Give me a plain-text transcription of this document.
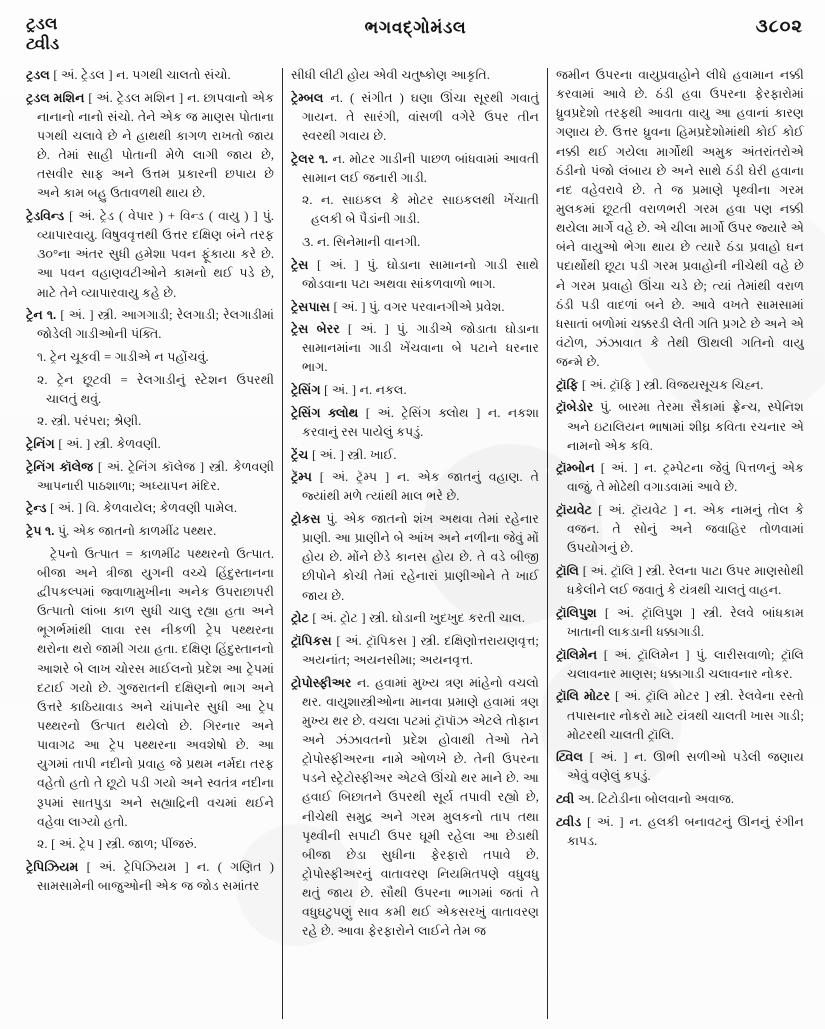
ટ્રડલ
ટ્વીડ
ભગવદ્ગોમંડલ	૩૮૦૨

ટ્રડલ [ અં. ટ્રેડલ ] ન. પગથી ચાલતો સંચો.

ટ્રડલ મશિન [ અં. ટ્રેડલ મશિન ] ન. છાપવાનો એક નાનાનો નાનો સંચો. તેને એક જ માણસ પોતાના પગથી ચલાવે છે ને હાથથી કાગળ રાખતો જાય છે. તેમાં સાહી પોતાની મેળે લાગી જાય છે, તસવીર સાફ અને ઉત્તમ પ્રકારની છપાય છે અને કામ બહુ ઉતાવળથી થાય છે.

ટ્રેડવિન્ડ [ અં. ટ્રેડ ( વેપાર ) + વિન્ડ ( વાયુ ) ] પું. વ્યાપારવાયુ. વિષુવવૃત્તથી ઉત્તર દક્ષિણ બંને તરફ ૩૦°ના અંતર સુધી હમેશા પવન ફૂંકાયા કરે છે. આ પવન વહાણવટીઓને કામનો થઈ પડે છે, માટે તેને વ્યાપારવાયુ કહે છે.

ટ્રેન ૧. [ અં. ] સ્ત્રી. આગગાડી; રેલગાડી; રેલગાડીમાં જોડેલી ગાડીઓની પંક્તિ.

૧. ટ્રેન ચૂકવી = ગાડીએ ન પહોંચવું.

૨. ટ્રેન છૂટવી = રેલગાડીનું સ્ટેશન ઉપરથી ચાલતું થવું.

૨. સ્ત્રી. પરંપરા; શ્રેણી.

ટ્રેનિંગ [ અં. ] સ્ત્રી. કેળવણી.

ટ્રેનિંગ કૉલેજ [ અં. ટ્રેનિંગ કૉલેજ ] સ્ત્રી. કેળવણી આપનારી પાઠશાળા; અધ્યાપન મંદિર.

ટ્રેન્ડ [ અં. ] વિ. કેળવાયેલ; કેળવણી પામેલ.

ટ્રેપ ૧. પું. એક જાતનો કાળમીંઢ પથ્થર.

ટ્રેપનો ઉત્પાત = કાળમીંઢ પથ્થરનો ઉત્પાત. બીજા અને ત્રીજા યુગની વચ્ચે હિંદુસ્તાનના દ્વીપકલ્પમાં જ્વાળામુખીના અનેક ઉપરાછાપરી ઉત્પાતો લાંબા કાળ સુધી ચાલુ રહ્યા હતા અને ભૂગર્ભમાંથી લાવા રસ નીકળી ટ્રેપ પથ્થરના થરોના થરો જામી ગયા હતા. દક્ષિણ હિંદુસ્તાનનો આશરે બે લાખ ચોરસ માઈલનો પ્રદેશ આ ટ્રેપમાં દટાઈ ગયો છે. ગુજરાતની દક્ષિણનો ભાગ અને ઉત્તરે કાઠિયાવાડ અને ચાંપાનેર સુધી આ ટ્રેપ પથ્થરનો ઉત્પાત થયેલો છે. ગિરનાર અને પાવાગઢ આ ટ્રેપ પથ્થરના અવશેષો છે. આ યુગમાં તાપી નદીનો પ્રવાહ જે પ્રથમ નર્મદા તરફ વહેતો હતો તે છૂટો પડી ગયો અને સ્વતંત્ર નદીના રૂપમાં સાતપુડા અને સહ્યાદ્રિની વચમાં થઈને વહેવા લાગ્યો હતો.

૨. [ અં. ટ્રેપ ] સ્ત્રી. જાળ; પીંજરું.

ટ્રેપિઝિયમ [ અં. ટ્રેપિઝિયમ ] ન. ( ગણિત ) સામસામેની બાજુઓની એક જ જોડ સમાંતર

સીધી લીટી હોય એવી ચતુષ્કોણ આકૃતિ.

ટ્રેમ્બલ ન. ( સંગીત ) ઘણા ઊંચા સૂરથી ગવાતું ગાયન. તે સારંગી, વાંસળી વગેરે ઉપર તીન સ્વરથી ગવાય છે.

ટ્રેલર ૧. ન. મોટર ગાડીની પાછળ બાંધવામાં આવતી સામાન લઈ જનારી ગાડી.

૨. ન. સાઇકલ કે મોટર સાઇકલથી ખેંચાતી હલકી બે પૈડાંની ગાડી.

૩. ન. સિનેમાની વાનગી.

ટ્રેસ [ અં. ] પું. ઘોડાના સામાનનો ગાડી સાથે જોડવાના પટા અથવા સાંકળવાળો ભાગ.

ટ્રેસપાસ [ અં. ] પું. વગર પરવાનગીએ પ્રવેશ.

ટ્રેસ બેરર [ અં. ] પું. ગાડીએ જોડાતા ઘોડાના સામાનમાંના ગાડી ખેંચવાના બે પટાને ધરનાર ભાગ.

ટ્રેસિંગ [ અં. ] ન. નકલ.

ટ્રેસિંગ ક્લોથ [ અં. ટ્રેસિંગ ક્લોથ ] ન. નકશા કરવાનું રસ પાયેલું કપડું.

ટ્રેંચ [ અં. ] સ્ત્રી. ખાઈ.

ટ્રૅમ્પ [ અં. ટ્રૅમ્પ ] ન. એક જાતનું વહાણ. તે જ્યાંથી મળે ત્યાંથી માલ ભરે છે.

ટ્રોકસ પું. એક જાતનો શંખ અથવા તેમાં રહેનાર પ્રાણી. આ પ્રાણીને બે આંખ અને નળીના જેવું મોં હોય છે. મોંને છેડે કાનસ હોય છે. તે વડે બીજી છીપોને કોચી તેમાં રહેનારાં પ્રાણીઓને તે ખાઈ જાય છે.

ટ્રોટ [ અં. ટ્રોટ ] સ્ત્રી. ઘોડાની ખુદખુદ કરતી ચાલ.

ટ્રૉપિકસ [ અં. ટ્રૉપિકસ ] સ્ત્રી. દક્ષિણોત્તરાયણવૃત્ત; અયનાંત; અયનસીમા; અયનવૃત્ત.

ટ્રોપોસ્ફીઅર ન. હવામાં મુખ્ય ત્રણ માંહેનો વચલો થર. વાયુશાસ્ત્રીઓના માનવા પ્રમાણે હવામાં ત્રણ મુખ્ય થર છે. વચલા પટમાં ટ્રૉપૉઝ એટલે તોફાન અને ઝંઝાવતનો પ્રદેશ હોવાથી તેઓ તેને ટ્રોપોસ્ફીઅરના નામે ઓળખે છે. તેની ઉપરના પડને સ્ટ્રેટોસ્ફીઅર એટલે ઊંચો થર માને છે. આ હવાઈ બિછાતને ઉપરથી સૂર્ય તપાવી રહ્યો છે, નીચેથી સમુદ્ર અને ગરમ મુલકનો તાપ તથા પૃથ્વીની સપાટી ઉપર ઘૂમી રહેલા આ છેડાથી બીજા છેડા સુધીના ફેરફારો તપાવે છે. ટ્રોપોસ્ફીઅરનું વાતાવરણ નિયમિતપણે વધુવધુ થતું જાય છે. સૌથી ઉપરના ભાગમાં જતાં તે વધુઘટુપણું સાવ કમી થઈ એકસરખું વાતાવરણ રહે છે. આવા ફેરફારોને લાઈને તેમ જ

જમીન ઉપરના વાયુપ્રવાહોને લીધે હવામાન નક્કી કરવામાં આવે છે. ઠંડી હવા ઉપરના ફેરફારોમાં ધ્રુવપ્રદેશો તરફથી આવતા વાયુ આ હવાનાં કારણ ગણાય છે. ઉત્તર ધ્રુવના હિમપ્રદેશોમાંથી કોઈ કોઈ નક્કી થઈ ગયેલા માર્ગોથી અમુક અંતરાંતરોએ ઠંડીનો પંજો લંબાય છે અને સાથે ઠંડી ઘેરી હવાના નદ વહેવરાવે છે. તે જ પ્રમાણે પૃથ્વીના ગરમ મુલકમાં છૂટતી વરાળભરી ગરમ હવા પણ નક્કી થયેલા માર્ગે વહે છે. એ ચીલા માર્ગો ઉપર જ્યારે એ બંને વાયુઓ ભેગા થાય છે ત્યારે ઠંડા પ્રવાહો ઘન પદાર્થોથી છૂટા પડી ગરમ પ્રવાહોની નીચેથી વહે છે ને ગરમ પ્રવાહો ઊંચા ચડે છે; ત્યાં તેમાંથી વરાળ ઠંડી પડી વાદળાં બને છે. આવે વખતે સામસામાં ધસાતાં બળોમાં ચક્કરડી લેતી ગતિ પ્રગટે છે અને એ વંટોળ, ઝંઝાવાત કે તેથી ઊથલી ગતિનો વાયુ જન્મે છે.

ટ્રૉફિ [ અં. ટ્રૉફિ ] સ્ત્રી. વિજયસૂચક ચિહ્ન.

ટ્રૉબેડોર પું. બારમા તેરમા સૈકામાં ફ્રેન્ચ, સ્પેનિશ અને ઇટાલિયન ભાષામાં શીઘ્ર કવિતા રચનાર એ નામનો એક કવિ.

ટ્રૉમ્બોન [ અં. ] ન. ટ્રમ્પેટના જેવું પિત્તળનું એક વાજું. તે મોઢેથી વગાડવામાં આવે છે.

ટ્રૉયવેટ [ અં. ટ્રૉયવેટ ] ન. એક નામનું તોલ કે વજન. તે સોનું અને જવાહિર તોળવામાં ઉપયોગનું છે.

ટ્રૉલિ [ અં. ટ્રૉલિ ] સ્ત્રી. રેલના પાટા ઉપર માણસોથી ધકેલીને લઈ જવાતું કે યંત્રથી ચાલતું વાહન.

ટ્રૉલિપુશ [ અં. ટ્રૉલિપુશ ] સ્ત્રી. રેલવે બાંધકામ ખાતાની લાકડાની ધક્કાગાડી.

ટ્રૉલિમેન [ અં. ટ્રૉલિમેન ] પું. લારીસવાળો; ટ્રૉલિ ચલાવનાર માણસ; ધક્કાગાડી ચલાવનાર નોકર.

ટ્રૉલિ મોટર [ અં. ટ્રૉલિ મોટર ] સ્ત્રી. રેલવેના રસ્તો તપાસનાર નોકરો માટે યંત્રથી ચાલતી ખાસ ગાડી; મોટરથી ચાલતી ટ્રૉલિ.

ટ્વિલ [ અં. ] ન. ઊભી સળીઓ પડેલી જણાય એવું વણેલું કપડું.

ટ્વી અ. ટિટોડીના બોલવાનો અવાજ.

ટ્વીડ [ અં. ] ન. હલકી બનાવટનું ઊનનું રંગીન કાપડ.
